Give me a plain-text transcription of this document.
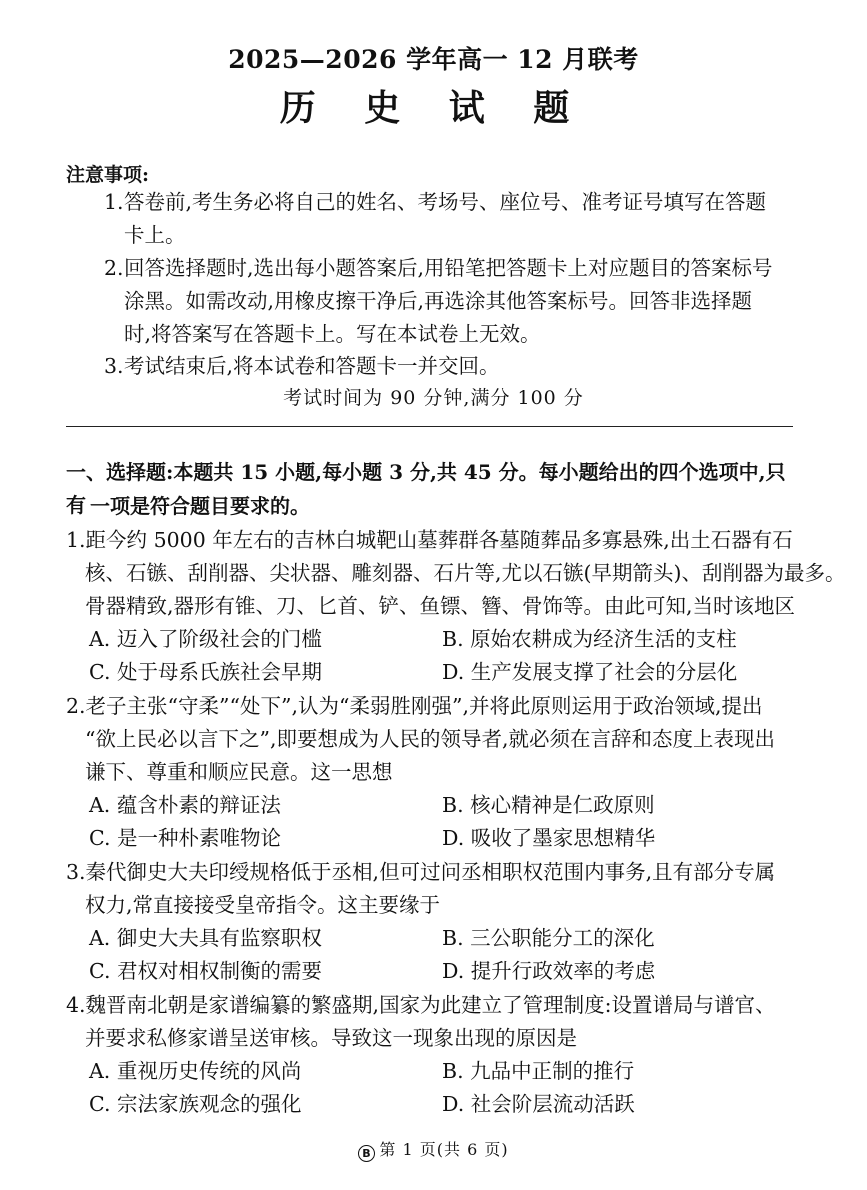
2025—2026 学年高一 12 月联考
历 史 试 题
注意事项:
1. 答卷前,考生务必将自己的姓名、考场号、座位号、准考证号填写在答题
卡上。
2. 回答选择题时,选出每小题答案后,用铅笔把答题卡上对应题目的答案标号
涂黑。如需改动,用橡皮擦干净后,再选涂其他答案标号。回答非选择题
时,将答案写在答题卡上。写在本试卷上无效。
3. 考试结束后,将本试卷和答题卡一并交回。
考试时间为 90 分钟,满分 100 分
一、选择题:本题共 15 小题,每小题 3 分,共 45 分。每小题给出的四个选项中,只有 一项是符合题目要求的。
1.距今约 5000 年左右的吉林白城靶山墓葬群各墓随葬品多寡悬殊,出土石器有石
核、石镞、刮削器、尖状器、雕刻器、石片等,尤以石镞(早期箭头)、刮削器为最多。
骨器精致,器形有锥、刀、匕首、铲、鱼镖、簪、骨饰等。由此可知,当时该地区
A. 迈入了阶级社会的门槛	B. 原始农耕成为经济生活的支柱
C. 处于母系氏族社会早期	D. 生产发展支撑了社会的分层化
2.老子主张“守柔”“处下”,认为“柔弱胜刚强”,并将此原则运用于政治领域,提出
“欲上民必以言下之”,即要想成为人民的领导者,就必须在言辞和态度上表现出
谦下、尊重和顺应民意。这一思想
A. 蕴含朴素的辩证法	B. 核心精神是仁政原则
C. 是一种朴素唯物论	D. 吸收了墨家思想精华
3.秦代御史大夫印绶规格低于丞相,但可过问丞相职权范围内事务,且有部分专属
权力,常直接接受皇帝指令。这主要缘于
A. 御史大夫具有监察职权	B. 三公职能分工的深化
C. 君权对相权制衡的需要	D. 提升行政效率的考虑
4.魏晋南北朝是家谱编纂的繁盛期,国家为此建立了管理制度:设置谱局与谱官、
并要求私修家谱呈送审核。导致这一现象出现的原因是
A. 重视历史传统的风尚	B. 九品中正制的推行
C. 宗法家族观念的强化	D. 社会阶层流动活跃
B 第 1 页(共 6 页)
